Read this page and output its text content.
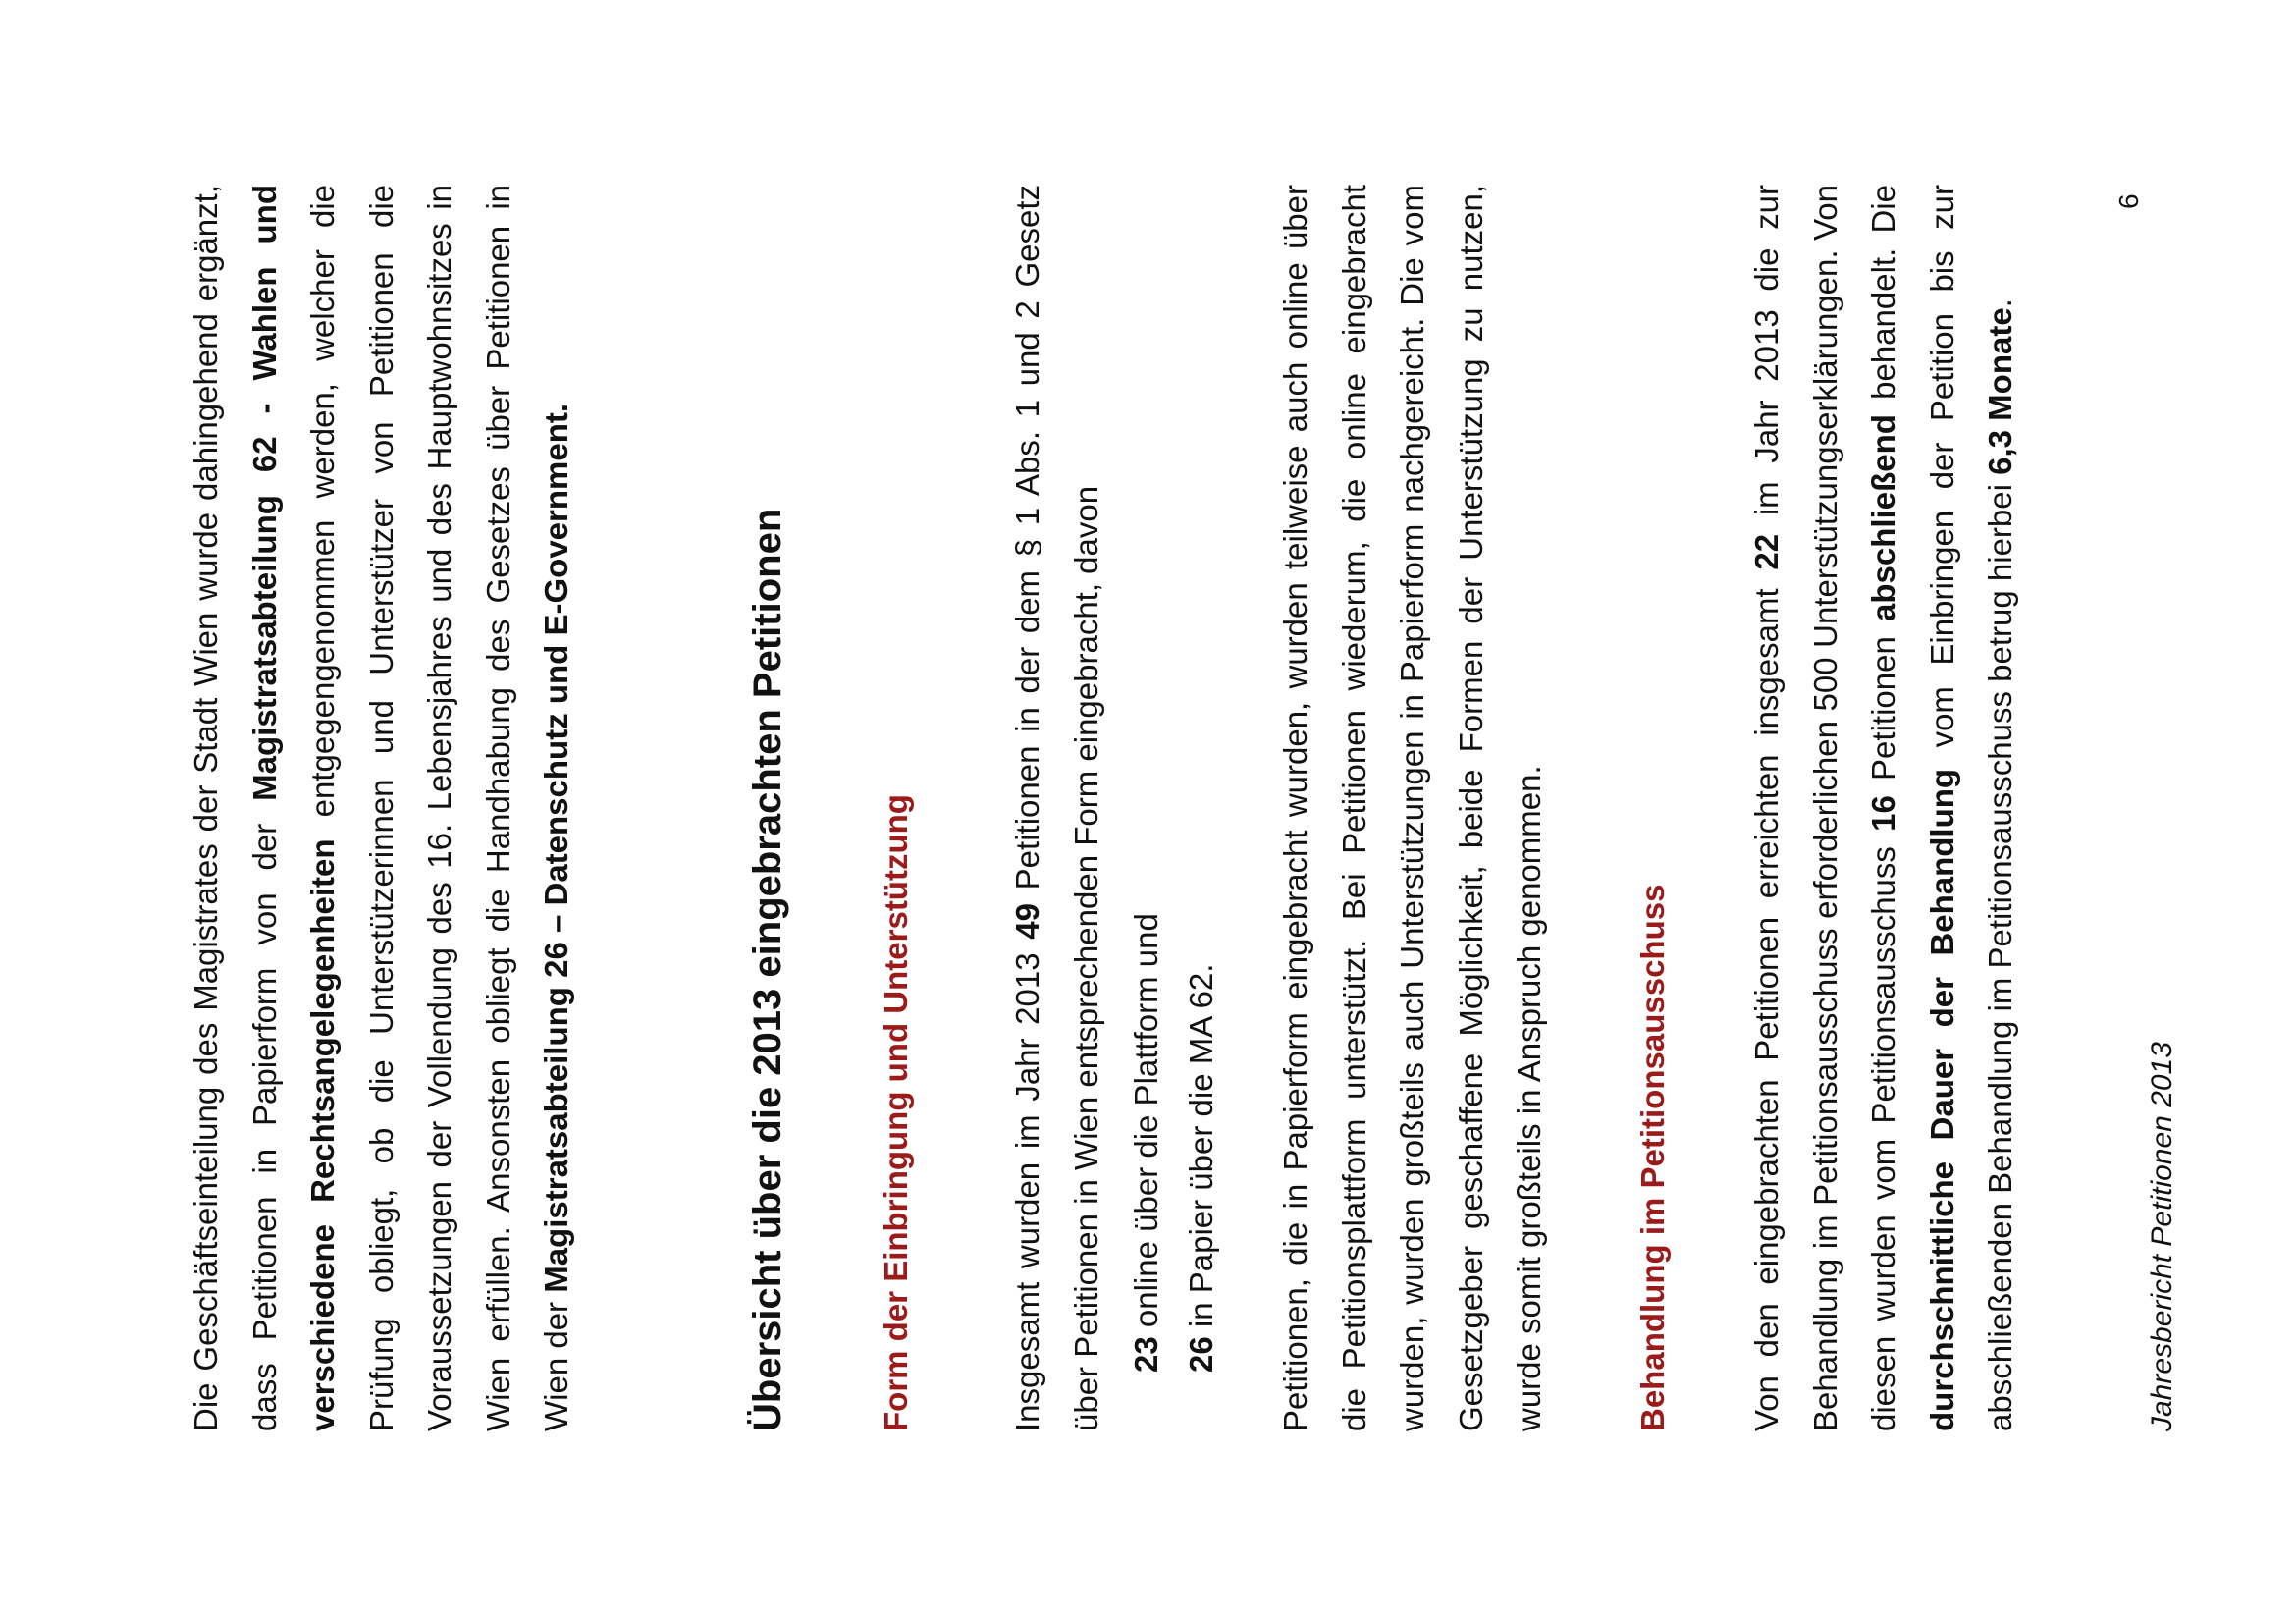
Die Geschäftseinteilung des Magistrates der Stadt Wien wurde dahingehend ergänzt, dass Petitionen in Papierform von der Magistratsabteilung 62 - Wahlen und verschiedene Rechtsangelegenheiten entgegengenommen werden, welcher die Prüfung obliegt, ob die Unterstützerinnen und Unterstützer von Petitionen die Voraussetzungen der Vollendung des 16. Lebensjahres und des Hauptwohnsitzes in Wien erfüllen. Ansonsten obliegt die Handhabung des Gesetzes über Petitionen in Wien der Magistratsabteilung 26 – Datenschutz und E-Government.	Übersicht über die 2013 eingebrachten Petitionen	Form der Einbringung und Unterstützung	Insgesamt wurden im Jahr 2013 49 Petitionen in der dem § 1 Abs. 1 und 2 Gesetz über Petitionen in Wien entsprechenden Form eingebracht, davon 23 online über die Plattform und

26 in Papier über die MA 62.	Petitionen, die in Papierform eingebracht wurden, wurden teilweise auch online über die Petitionsplattform unterstützt. Bei Petitionen wiederum, die online eingebracht wurden, wurden großteils auch Unterstützungen in Papierform nachgereicht. Die vom Gesetzgeber geschaffene Möglichkeit, beide Formen der Unterstützung zu nutzen, wurde somit großteils in Anspruch genommen.	Behandlung im Petitionsausschuss	Von den eingebrachten Petitionen erreichten insgesamt 22 im Jahr 2013 die zur Behandlung im Petitionsausschuss erforderlichen 500 Unterstützungserklärungen. Von diesen wurden vom Petitionsausschuss 16 Petitionen abschließend behandelt. Die durchschnittliche Dauer der Behandlung vom Einbringen der Petition bis zur abschließenden Behandlung im Petitionsausschuss betrug hierbei 6,3 Monate.

Jahresbericht Petitionen 2013
6
